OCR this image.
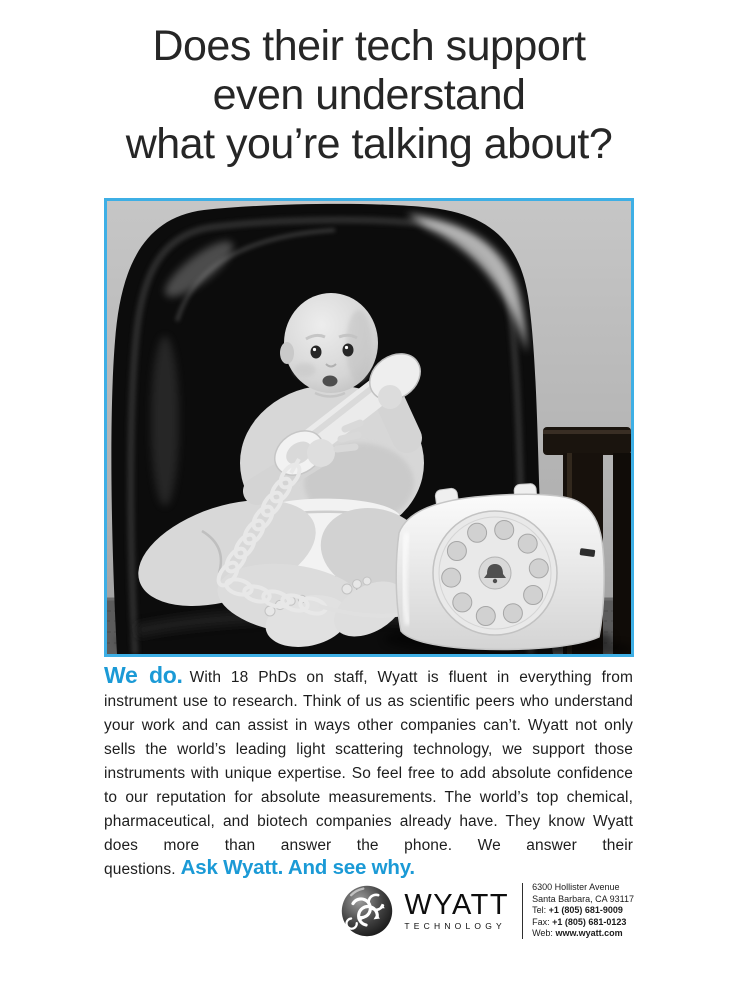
Does their tech support
even understand
what you’re talking about?

We do. With 18 PhDs on staff, Wyatt is fluent in everything from instrument use to research. Think of us as scientific peers who understand your work and can assist in ways other companies can’t. Wyatt not only sells the world’s leading light scattering technology, we support those instruments with unique expertise. So feel free to add absolute confidence to our reputation for absolute measurements. The world’s top chemical, pharmaceutical, and biotech companies already have. They know Wyatt does more than answer the phone. We answer their questions. Ask Wyatt. And see why.

WYATT
TECHNOLOGY
6300 Hollister Avenue
Santa Barbara, CA 93117
Tel: +1 (805) 681-9009
Fax: +1 (805) 681-0123
Web: www.wyatt.com
